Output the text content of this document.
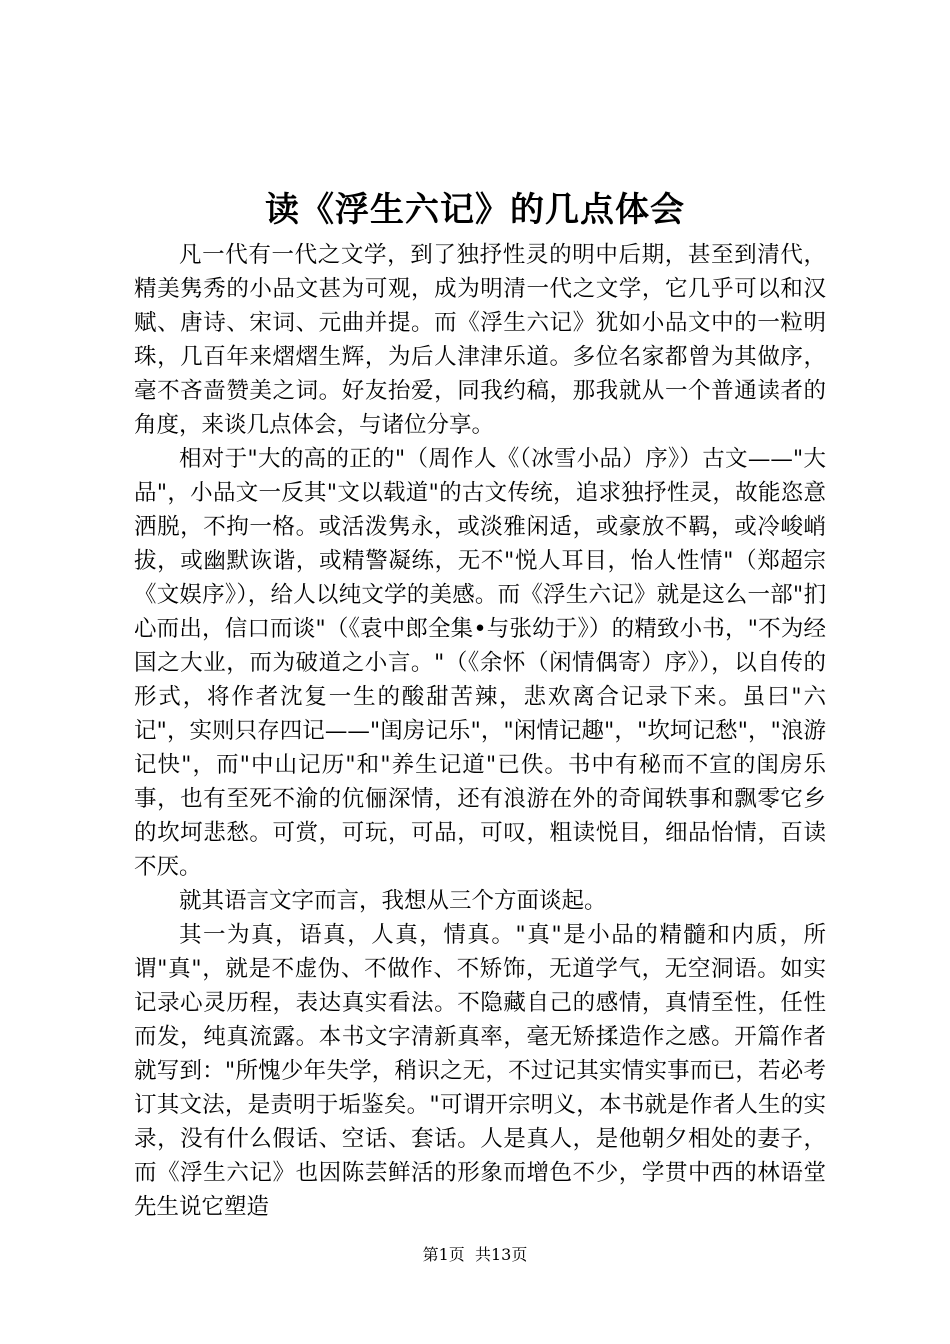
读《浮生六记》的几点体会

凡一代有一代之文学，到了独抒性灵的明中后期，甚至到清代，精美隽秀的小品文甚为可观，成为明清一代之文学，它几乎可以和汉赋、唐诗、宋词、元曲并提。而《浮生六记》犹如小品文中的一粒明珠，几百年来熠熠生辉，为后人津津乐道。多位名家都曾为其做序，毫不吝啬赞美之词。好友抬爱，同我约稿，那我就从一个普通读者的角度，来谈几点体会，与诸位分享。

相对于"大的高的正的"（周作人《（冰雪小品）序》）古文——"大品"，小品文一反其"文以载道"的古文传统，追求独抒性灵，故能恣意洒脱，不拘一格。或活泼隽永，或淡雅闲适，或豪放不羁，或冷峻峭拔，或幽默诙谐，或精警凝练，无不"悦人耳目，怡人性情"（郑超宗《文娱序》），给人以纯文学的美感。而《浮生六记》就是这么一部"扪心而出，信口而谈"（《袁中郎全集•与张幼于》）的精致小书，"不为经国之大业，而为破道之小言。"（《余怀（闲情偶寄）序》），以自传的形式，将作者沈复一生的酸甜苦辣，悲欢离合记录下来。虽曰"六记"，实则只存四记——"闺房记乐"，"闲情记趣"，"坎坷记愁"，"浪游记快"，而"中山记历"和"养生记道"已佚。书中有秘而不宣的闺房乐事，也有至死不渝的伉俪深情，还有浪游在外的奇闻轶事和飘零它乡的坎坷悲愁。可赏，可玩，可品，可叹，粗读悦目，细品怡情，百读不厌。

就其语言文字而言，我想从三个方面谈起。

其一为真，语真，人真，情真。"真"是小品的精髓和内质，所谓"真"，就是不虚伪、不做作、不矫饰，无道学气，无空洞语。如实记录心灵历程，表达真实看法。不隐藏自己的感情，真情至性，任性而发，纯真流露。本书文字清新真率，毫无矫揉造作之感。开篇作者就写到："所愧少年失学，稍识之无，不过记其实情实事而已，若必考订其文法，是责明于垢鉴矣。"可谓开宗明义，本书就是作者人生的实录，没有什么假话、空话、套话。人是真人，是他朝夕相处的妻子，而《浮生六记》也因陈芸鲜活的形象而增色不少，学贯中西的林语堂先生说它塑造

第1页 共13页
